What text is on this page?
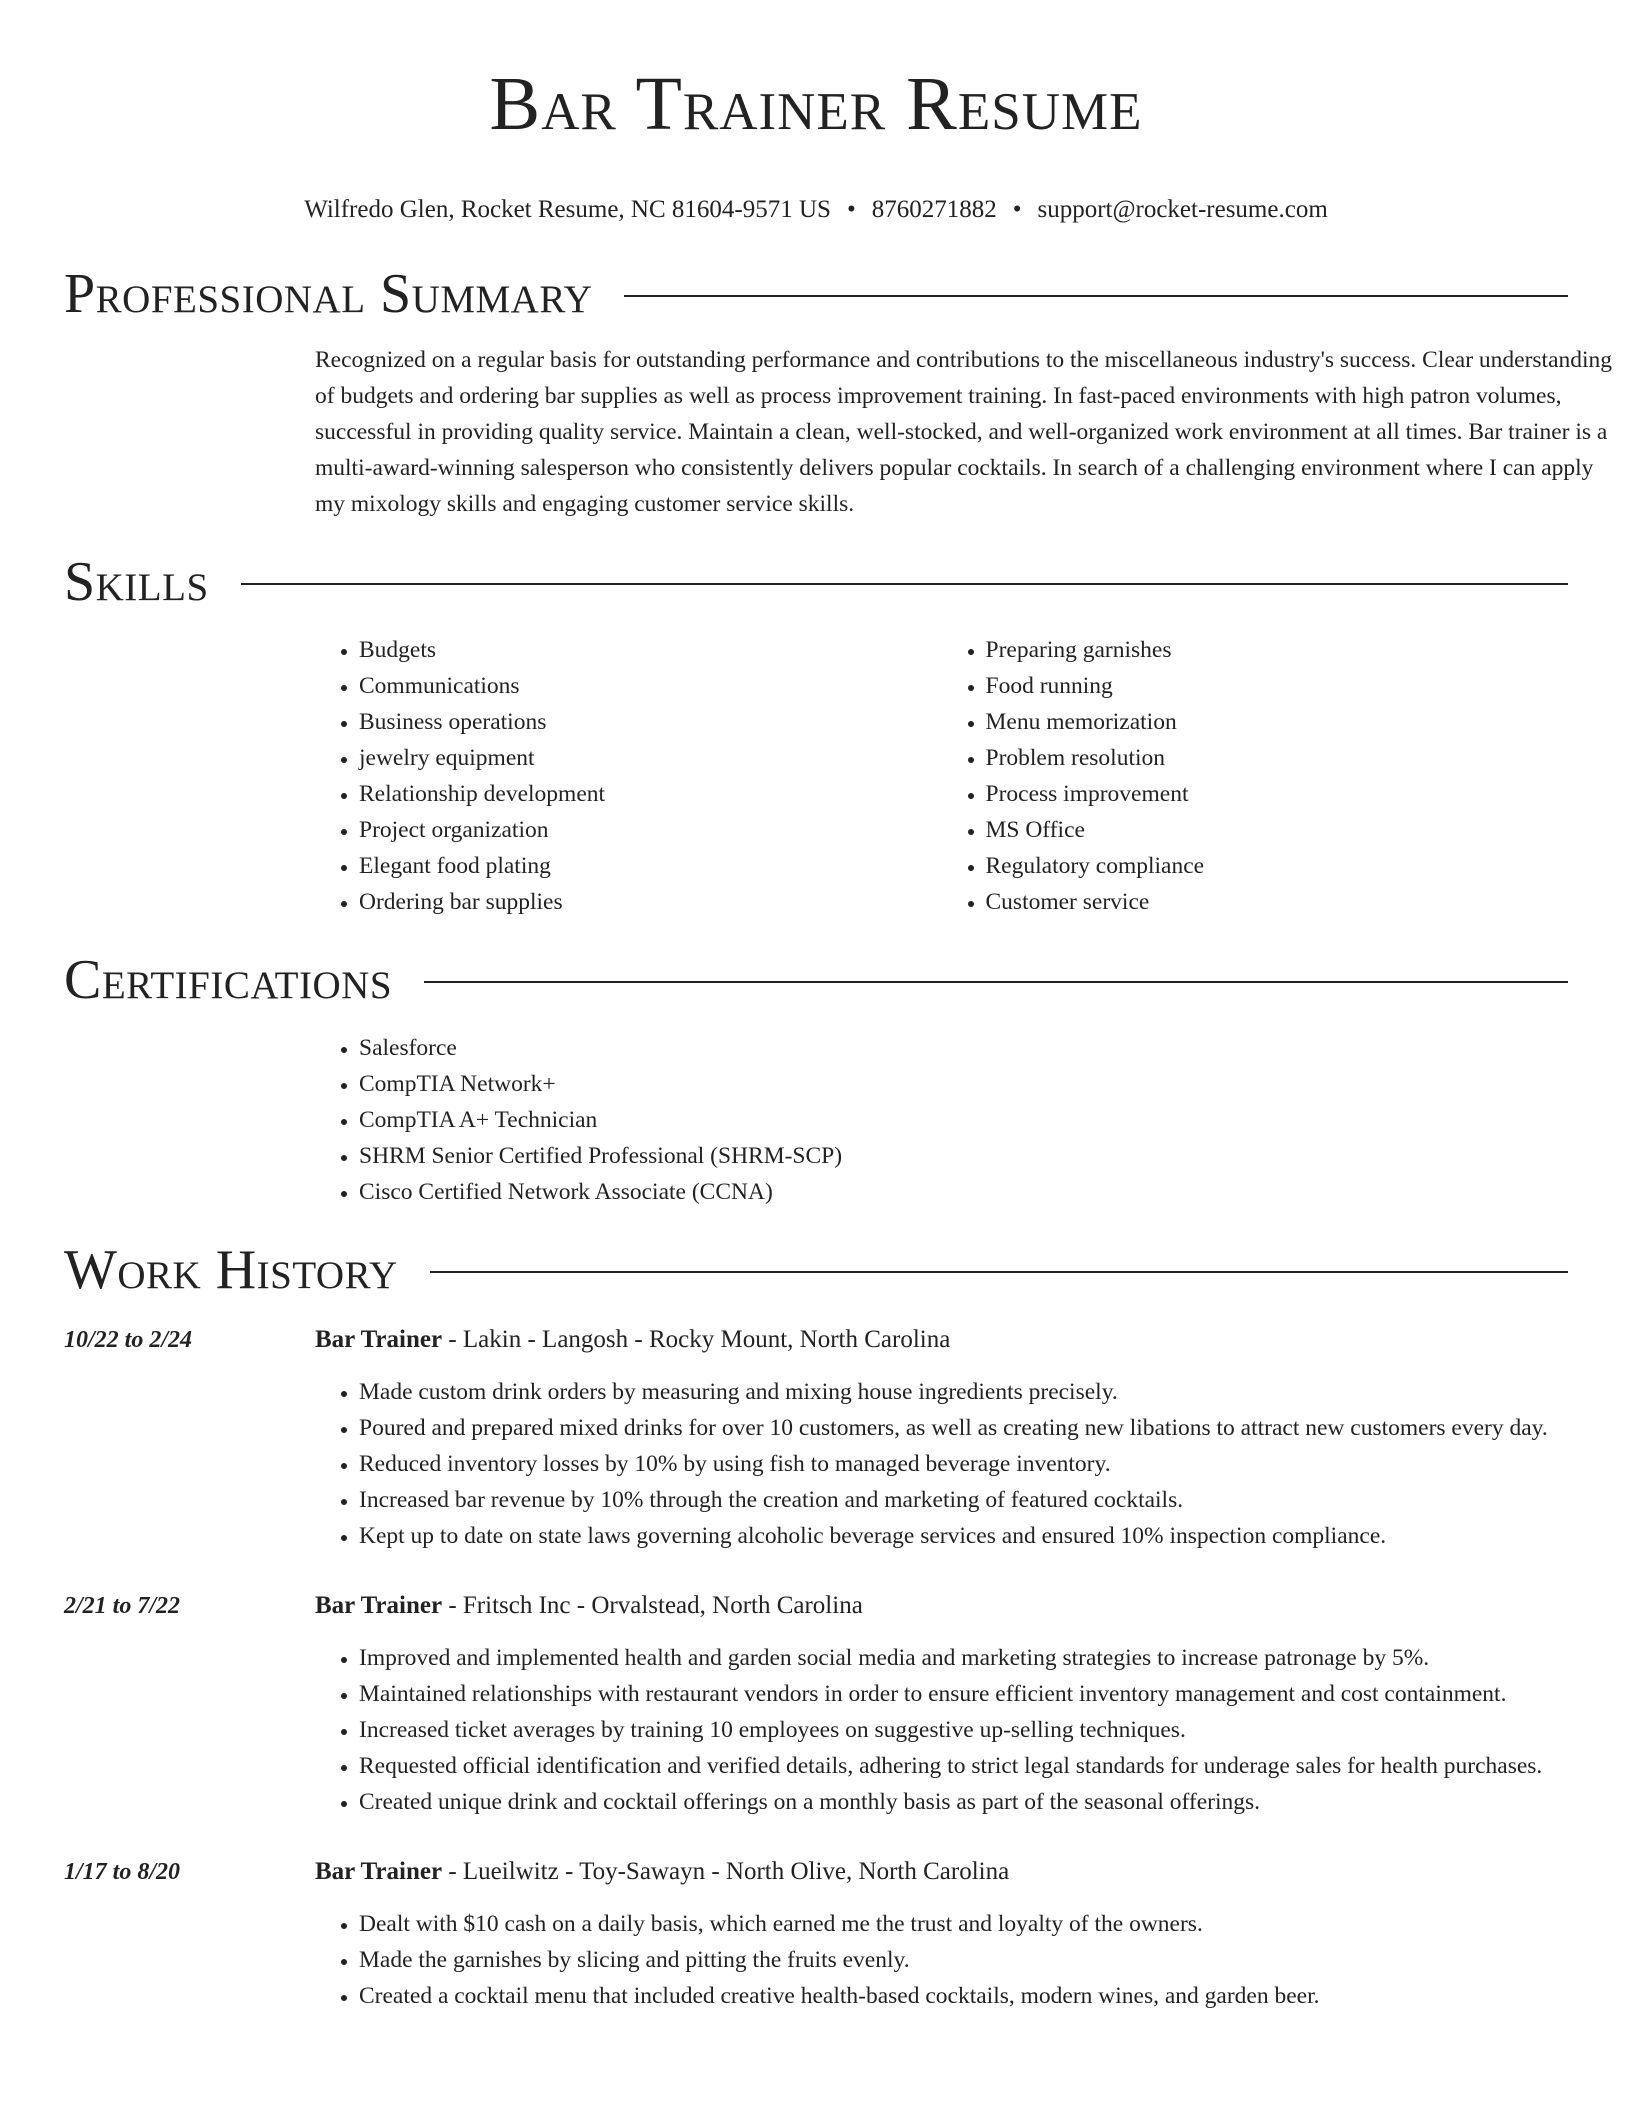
Bar Trainer Resume
Wilfredo Glen, Rocket Resume, NC 81604-9571 US • 8760271882 • support@rocket-resume.com
Professional Summary

Recognized on a regular basis for outstanding performance and contributions to the miscellaneous industry's success. Clear understanding of budgets and ordering bar supplies as well as process improvement training. In fast-paced environments with high patron volumes, successful in providing quality service. Maintain a clean, well-stocked, and well-organized work environment at all times. Bar trainer is a multi-award-winning salesperson who consistently delivers popular cocktails. In search of a challenging environment where I can apply my mixology skills and engaging customer service skills.

Skills
• Budgets
• Communications
• Business operations
• jewelry equipment
• Relationship development
• Project organization
• Elegant food plating
• Ordering bar supplies
• Preparing garnishes
• Food running
• Menu memorization
• Problem resolution
• Process improvement
• MS Office
• Regulatory compliance
• Customer service
Certifications
• Salesforce
• CompTIA Network+
• CompTIA A+ Technician
• SHRM Senior Certified Professional (SHRM-SCP)
• Cisco Certified Network Associate (CCNA)
Work History
10/22 to 2/24	Bar Trainer - Lakin - Langosh - Rocky Mount, North Carolina
• Made custom drink orders by measuring and mixing house ingredients precisely.
• Poured and prepared mixed drinks for over 10 customers, as well as creating new libations to attract new customers every day.
• Reduced inventory losses by 10% by using fish to managed beverage inventory.
• Increased bar revenue by 10% through the creation and marketing of featured cocktails.
• Kept up to date on state laws governing alcoholic beverage services and ensured 10% inspection compliance.
2/21 to 7/22	Bar Trainer - Fritsch Inc - Orvalstead, North Carolina
• Improved and implemented health and garden social media and marketing strategies to increase patronage by 5%.
• Maintained relationships with restaurant vendors in order to ensure efficient inventory management and cost containment.
• Increased ticket averages by training 10 employees on suggestive up-selling techniques.
• Requested official identification and verified details, adhering to strict legal standards for underage sales for health purchases.
• Created unique drink and cocktail offerings on a monthly basis as part of the seasonal offerings.
1/17 to 8/20	Bar Trainer - Lueilwitz - Toy-Sawayn - North Olive, North Carolina
• Dealt with $10 cash on a daily basis, which earned me the trust and loyalty of the owners.
• Made the garnishes by slicing and pitting the fruits evenly.
• Created a cocktail menu that included creative health-based cocktails, modern wines, and garden beer.
